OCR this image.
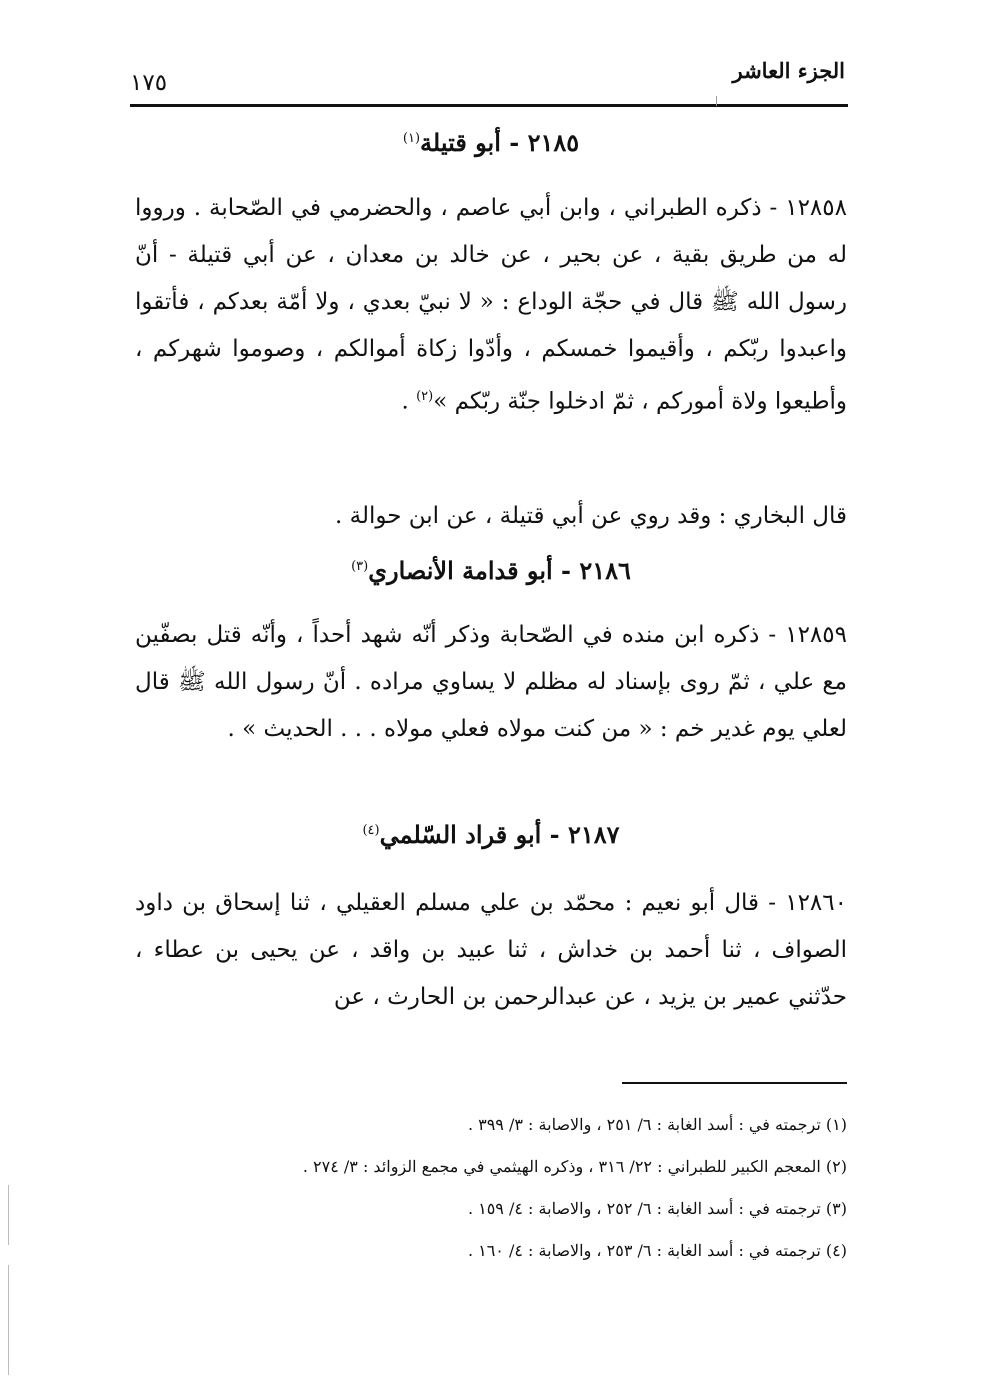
الجزء العاشر
١٧٥
٢١٨٥ - أبو قتيلة$^{(١)}$
١٢٨٥٨ - ذكره الطبراني ، وابن أبي عاصم ، والحضرمي في الصّحابة . ورووا له من طريق بقية ، عن بحير ، عن خالد بن معدان ، عن أبي قتيلة - أنّ رسول الله ﷺ قال في حجّة الوداع : « لا نبيّ بعدي ، ولا أمّة بعدكم ، فأتقوا واعبدوا ربّكم ، وأقيموا خمسكم ، وأدّوا زكاة أموالكم ، وصوموا شهركم ، وأطيعوا ولاة أموركم ، ثمّ ادخلوا جنّة ربّكم »$^{(٢)}$ .
قال البخاري : وقد روي عن أبي قتيلة ، عن ابن حوالة .
٢١٨٦ - أبو قدامة الأنصاري$^{(٣)}$
١٢٨٥٩ - ذكره ابن منده في الصّحابة وذكر أنّه شهد أحداً ، وأنّه قتل بصفّين مع علي ، ثمّ روى بإسناد له مظلم لا يساوي مراده . أنّ رسول الله ﷺ قال لعلي يوم غدير خم : « من كنت مولاه فعلي مولاه . . . الحديث » .
٢١٨٧ - أبو قراد السّلمي$^{(٤)}$
١٢٨٦٠ - قال أبو نعيم : محمّد بن علي مسلم العقيلي ، ثنا إسحاق بن داود الصواف ، ثنا أحمد بن خداش ، ثنا عبيد بن واقد ، عن يحيى بن عطاء ، حدّثني عمير بن يزيد ، عن عبدالرحمن بن الحارث ، عن
(١) ترجمته في : أسد الغابة : ٦/ ٢٥١ ، والاصابة : ٣/ ٣٩٩ .
(٢) المعجم الكبير للطبراني : ٢٢/ ٣١٦ ، وذكره الهيثمي في مجمع الزوائد : ٣/ ٢٧٤ .
(٣) ترجمته في : أسد الغابة : ٦/ ٢٥٢ ، والاصابة : ٤/ ١٥٩ .
(٤) ترجمته في : أسد الغابة : ٦/ ٢٥٣ ، والاصابة : ٤/ ١٦٠ .
